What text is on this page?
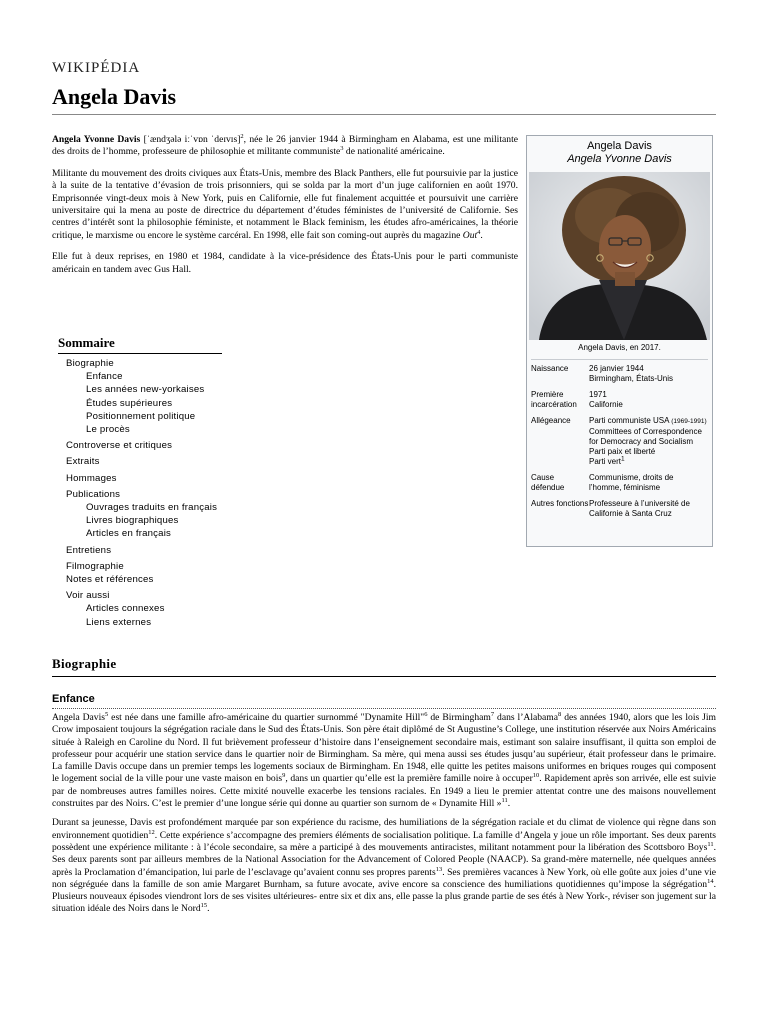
WIKIPÉDIA
Angela Davis

Angela Yvonne Davis [ˈændʒələ iːˈvɒn ˈdeɪvɪs]$^2$, née le 26 janvier 1944 à Birmingham en Alabama, est une militante des droits de l’homme, professeure de philosophie et militante communiste$^3$ de nationalité américaine.

Militante du mouvement des droits civiques aux États-Unis, membre des Black Panthers, elle fut poursuivie par la justice à la suite de la tentative d’évasion de trois prisonniers, qui se solda par la mort d’un juge californien en août 1970. Emprisonnée vingt-deux mois à New York, puis en Californie, elle fut finalement acquittée et poursuivit une carrière universitaire qui la mena au poste de directrice du département d’études féministes de l’université de Californie. Ses centres d’intérêt sont la philosophie féministe, et notamment le Black feminism, les études afro-américaines, la théorie critique, le marxisme ou encore le système carcéral. En 1998, elle fait son coming-out auprès du magazine Out$^4$.

Elle fut à deux reprises, en 1980 et 1984, candidate à la vice-présidence des États-Unis pour le parti communiste américain en tandem avec Gus Hall.

Angela Davis
Angela Yvonne Davis
Angela Davis, en 2017.
Naissance	26 janvier 1944
Birmingham, États-Unis
Première incarcération
1971
Californie
Allégeance	Parti communiste USA (1969-1991)
Committees of Correspondence for Democracy and Socialism
Parti paix et liberté
Parti vert$^1$
Cause défendue
Communisme, droits de l’homme, féminisme
Autres fonctions Professeure à l’université de Californie à Santa Cruz
Sommaire
Biographie
Enfance
Les années new-yorkaises
Études supérieures
Positionnement politique
Le procès
Controverse et critiques
Extraits
Hommages
Publications
Ouvrages traduits en français
Livres biographiques
Articles en français
Entretiens
Filmographie
Notes et références
Voir aussi
Articles connexes
Liens externes
Biographie
Enfance

Angela Davis$^5$ est née dans une famille afro-américaine du quartier surnommé "Dynamite Hill"$^6$ de Birmingham$^7$ dans l’Alabama$^8$ des années 1940, alors que les lois Jim Crow imposaient toujours la ségrégation raciale dans le Sud des États-Unis. Son père était diplômé de St Augustine’s College, une institution réservée aux Noirs Américains située à Raleigh en Caroline du Nord. Il fut brièvement professeur d’histoire dans l’enseignement secondaire mais, estimant son salaire insuffisant, il quitta son emploi de professeur pour acquérir une station service dans le quartier noir de Birmingham. Sa mère, qui mena aussi ses études jusqu’au supérieur, était professeur dans le primaire. La famille Davis occupe dans un premier temps les logements sociaux de Birmingham. En 1948, elle quitte les petites maisons uniformes en briques rouges qui composent le logement social de la ville pour une vaste maison en bois$^9$, dans un quartier qu’elle est la première famille noire à occuper$^{10}$. Rapidement après son arrivée, elle est suivie par de nombreuses autres familles noires. Cette mixité nouvelle exacerbe les tensions raciales. En 1949 a lieu le premier attentat contre une des maisons nouvellement construites par des Noirs. C’est le premier d’une longue série qui donne au quartier son surnom de « Dynamite Hill »$^{11}$.

Durant sa jeunesse, Davis est profondément marquée par son expérience du racisme, des humiliations de la ségrégation raciale et du climat de violence qui règne dans son environnement quotidien$^{12}$. Cette expérience s’accompagne des premiers éléments de socialisation politique. La famille d’Angela y joue un rôle important. Ses deux parents possèdent une expérience militante : à l’école secondaire, sa mère a participé à des mouvements antiracistes, militant notamment pour la libération des Scottsboro Boys$^{11}$. Ses deux parents sont par ailleurs membres de la National Association for the Advancement of Colored People (NAACP). Sa grand-mère maternelle, née quelques années après la Proclamation d’émancipation, lui parle de l’esclavage qu’avaient connu ses propres parents$^{13}$. Ses premières vacances à New York, où elle goûte aux joies d’une vie non ségréguée dans la famille de son amie Margaret Burnham, sa future avocate, avive encore sa conscience des humiliations quotidiennes qu’impose la ségrégation$^{14}$. Plusieurs nouveaux épisodes viendront lors de ses visites ultérieures- entre six et dix ans, elle passe la plus grande partie de ses étés à New York-, réviser son jugement sur la situation idéale des Noirs dans le Nord$^{15}$.
